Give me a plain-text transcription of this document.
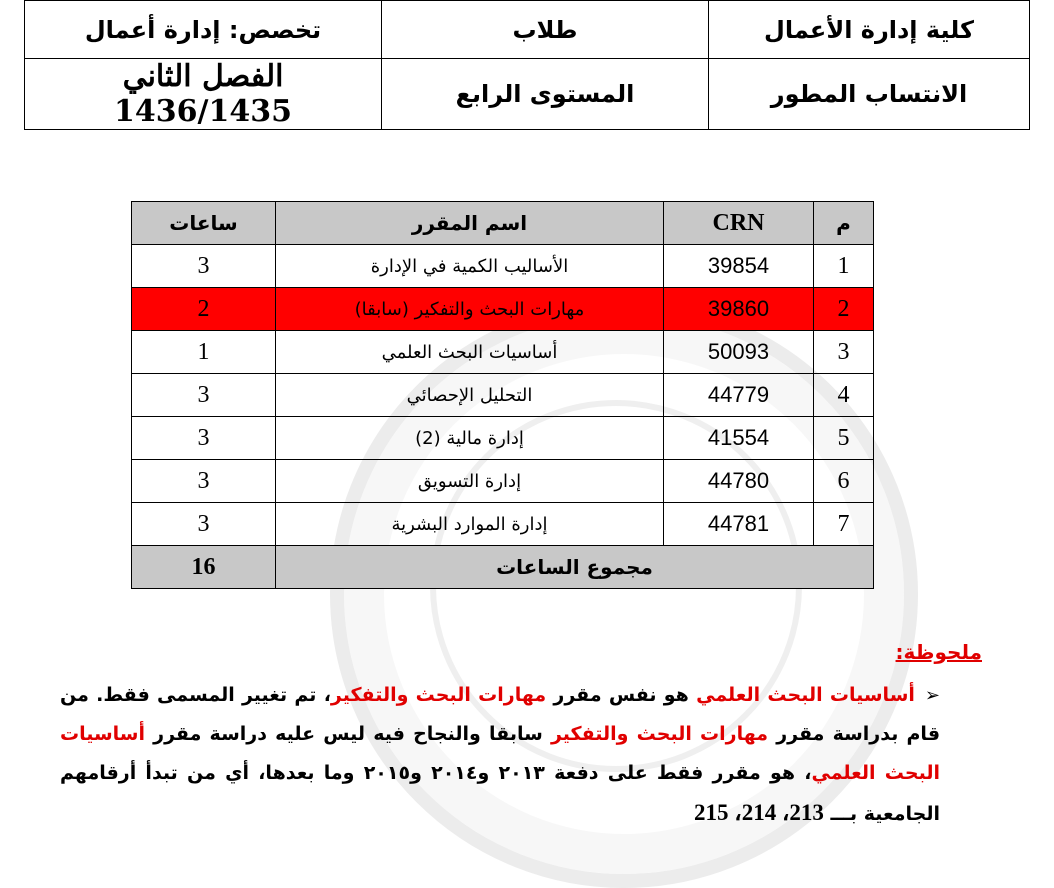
تخصص: إدارة أعمال	طلاب	كلية إدارة الأعمال
الفصل الثاني 1436/1435	المستوى الرابع	الانتساب المطور
م	CRN	اسم المقرر	ساعات
1	39854	الأساليب الكمية في الإدارة	3
2	39860	مهارات البحث والتفكير (سابقا)	2
3	50093	أساسيات البحث العلمي	1
4	44779	التحليل الإحصائي	3
5	41554	إدارة مالية (2)	3
6	44780	إدارة التسويق	3
7	44781	إدارة الموارد البشرية	3
مجموع الساعات			16
ملحوظة:
➢أساسيات البحث العلمي هو نفس مقرر مهارات البحث والتفكير، تم تغيير المسمى فقط. من قام بدراسة مقرر مهارات البحث والتفكير سابقا والنجاح فيه ليس عليه دراسة مقرر أساسيات البحث العلمي، هو مقرر فقط على دفعة ٢٠١٣ و٢٠١٤ و٢٠١٥ وما بعدها، أي من تبدأ أرقامهم الجامعية بـــ 213، 214، 215
